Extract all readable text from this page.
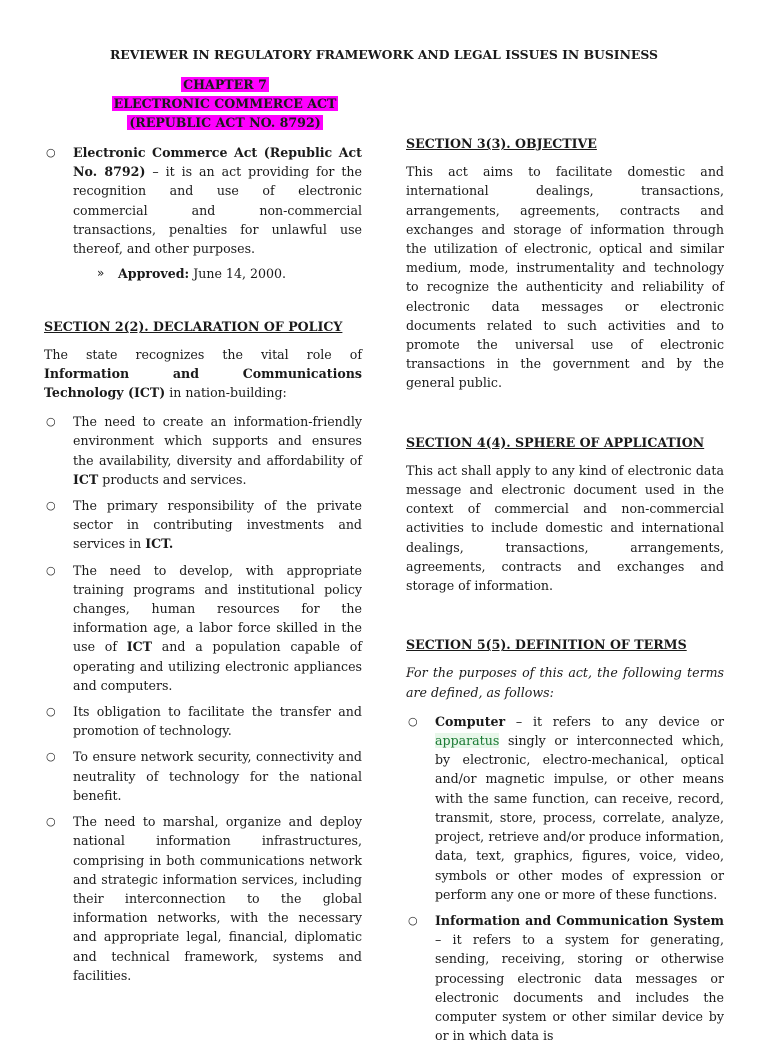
REVIEWER IN REGULATORY FRAMEWORK AND LEGAL ISSUES IN BUSINESS
CHAPTER 7
ELECTRONIC COMMERCE ACT
(REPUBLIC ACT NO. 8792)
○ Electronic Commerce Act (Republic Act No. 8792) – it is an act providing for the recognition and use of electronic commercial and non-commercial transactions, penalties for unlawful use thereof, and other purposes.
» Approved: June 14, 2000.

SECTION 2(2). DECLARATION OF POLICY

The state recognizes the vital role of Information and Communications Technology (ICT) in nation-building:

○ The need to create an information-friendly environment which supports and ensures the availability, diversity and affordability of ICT products and services.
○ The primary responsibility of the private sector in contributing investments and services in ICT.
○ The need to develop, with appropriate training programs and institutional policy changes, human resources for the information age, a labor force skilled in the use of ICT and a population capable of operating and utilizing electronic appliances and computers.
○ Its obligation to facilitate the transfer and promotion of technology.
○ To ensure network security, connectivity and neutrality of technology for the national benefit.
○ The need to marshal, organize and deploy national information infrastructures, comprising in both communications network and strategic information services, including their interconnection to the global information networks, with the necessary and appropriate legal, financial, diplomatic and technical framework, systems and facilities.

SECTION 3(3). OBJECTIVE

This act aims to facilitate domestic and international dealings, transactions, arrangements, agreements, contracts and exchanges and storage of information through the utilization of electronic, optical and similar medium, mode, instrumentality and technology to recognize the authenticity and reliability of electronic data messages or electronic documents related to such activities and to promote the universal use of electronic transactions in the government and by the general public.

SECTION 4(4). SPHERE OF APPLICATION

This act shall apply to any kind of electronic data message and electronic document used in the context of commercial and non-commercial activities to include domestic and international dealings, transactions, arrangements, agreements, contracts and exchanges and storage of information.

SECTION 5(5). DEFINITION OF TERMS

For the purposes of this act, the following terms are defined, as follows:

○ Computer – it refers to any device or apparatus singly or interconnected which, by electronic, electro-mechanical, optical and/or magnetic impulse, or other means with the same function, can receive, record, transmit, store, process, correlate, analyze, project, retrieve and/or produce information, data, text, graphics, figures, voice, video, symbols or other modes of expression or perform any one or more of these functions.
○ Information and Communication System – it refers to a system for generating, sending, receiving, storing or otherwise processing electronic data messages or electronic documents and includes the computer system or other similar device by or in which data is
